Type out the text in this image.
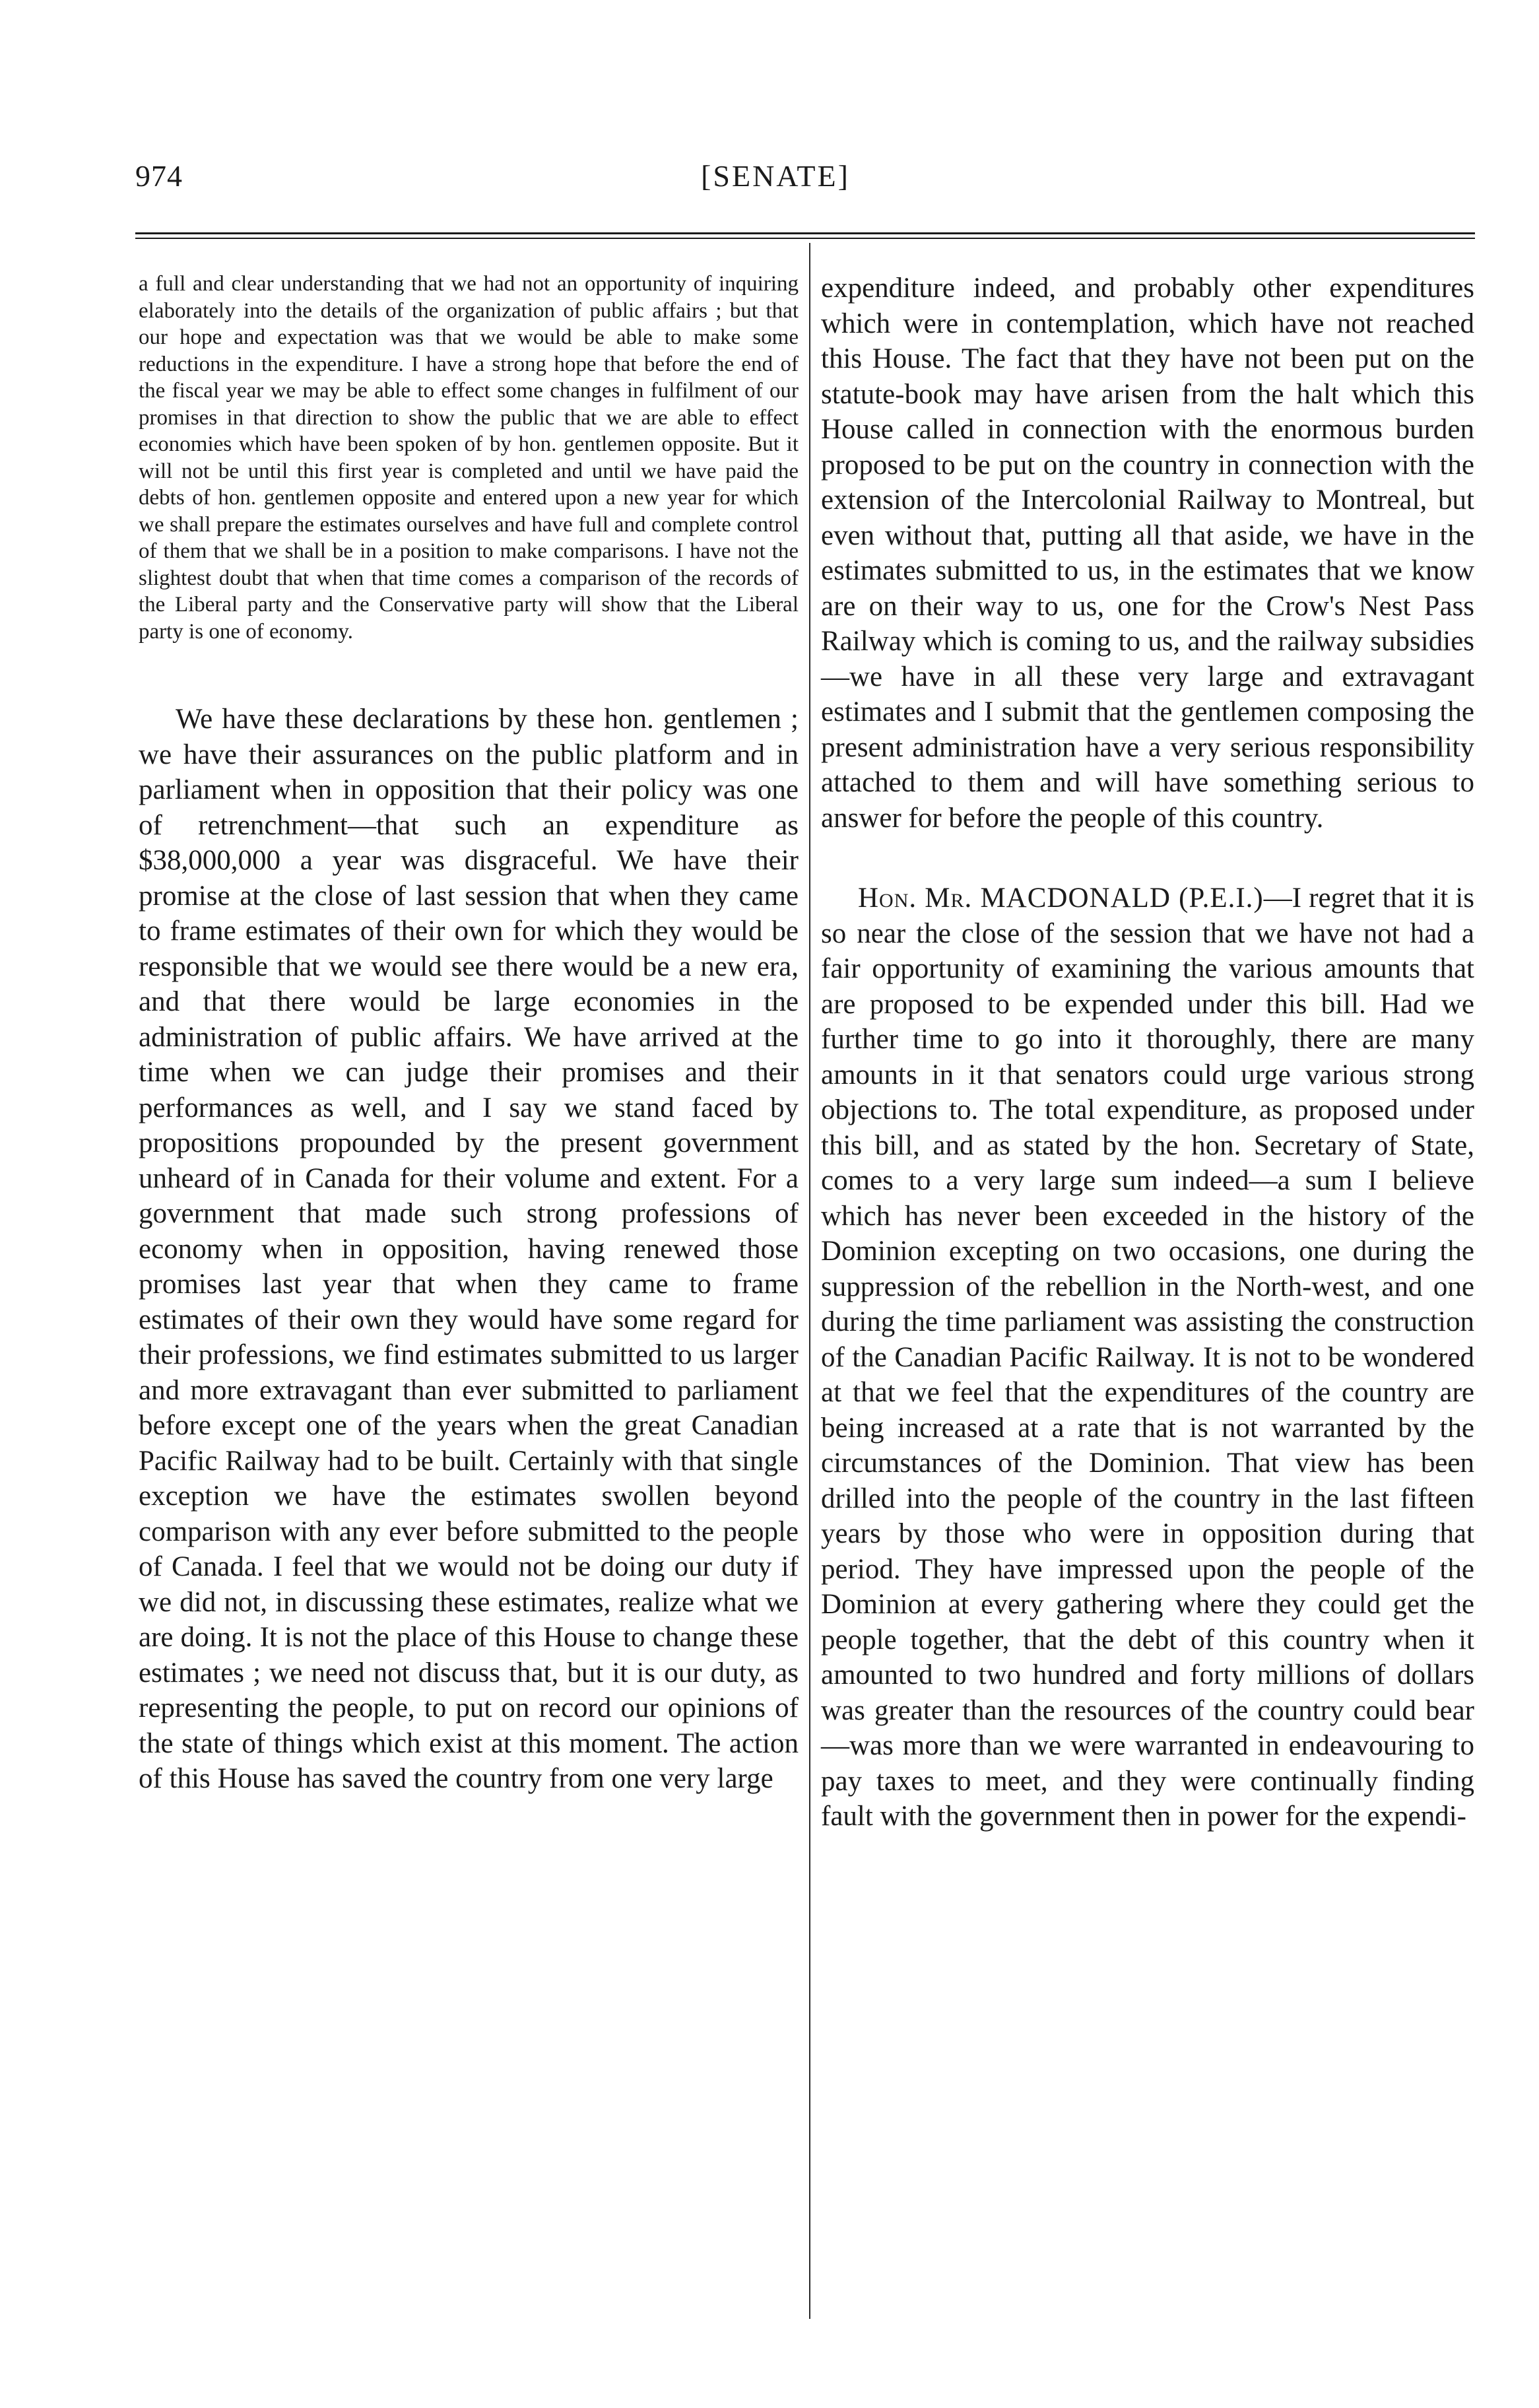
974	[SENATE]

a full and clear understanding that we had not an opportunity of inquiring elaborately into the details of the organization of public affairs ; but that our hope and expectation was that we would be able to make some reductions in the expenditure. I have a strong hope that before the end of the fiscal year we may be able to effect some changes in fulfilment of our promises in that direction to show the public that we are able to effect economies which have been spoken of by hon. gentlemen opposite. But it will not be until this first year is completed and until we have paid the debts of hon. gentlemen opposite and entered upon a new year for which we shall prepare the estimates ourselves and have full and complete control of them that we shall be in a position to make comparisons. I have not the slightest doubt that when that time comes a comparison of the records of the Liberal party and the Conservative party will show that the Liberal party is one of economy.

We have these declarations by these hon. gentlemen ; we have their assurances on the public platform and in parliament when in opposition that their policy was one of retrenchment—that such an expenditure as $38,000,000 a year was disgraceful. We have their promise at the close of last session that when they came to frame estimates of their own for which they would be responsible that we would see there would be a new era, and that there would be large economies in the administration of public affairs. We have arrived at the time when we can judge their promises and their performances as well, and I say we stand faced by propositions propounded by the present government unheard of in Canada for their volume and extent. For a government that made such strong professions of economy when in opposition, having renewed those promises last year that when they came to frame estimates of their own they would have some regard for their professions, we find estimates submitted to us larger and more extravagant than ever submitted to parliament before except one of the years when the great Canadian Pacific Railway had to be built. Certainly with that single exception we have the estimates swollen beyond comparison with any ever before submitted to the people of Canada. I feel that we would not be doing our duty if we did not, in discussing these estimates, realize what we are doing. It is not the place of this House to change these estimates ; we need not discuss that, but it is our duty, as representing the people, to put on record our opinions of the state of things which exist at this moment. The action of this House has saved the country from one very large

expenditure indeed, and probably other expenditures which were in contemplation, which have not reached this House. The fact that they have not been put on the statute-book may have arisen from the halt which this House called in connection with the enormous burden proposed to be put on the country in connection with the extension of the Intercolonial Railway to Montreal, but even without that, putting all that aside, we have in the estimates submitted to us, in the estimates that we know are on their way to us, one for the Crow's Nest Pass Railway which is coming to us, and the railway subsidies—we have in all these very large and extravagant estimates and I submit that the gentlemen composing the present administration have a very serious responsibility attached to them and will have something serious to answer for before the people of this country.

Hon. Mr. MACDONALD (P.E.I.)—I regret that it is so near the close of the session that we have not had a fair opportunity of examining the various amounts that are proposed to be expended under this bill. Had we further time to go into it thoroughly, there are many amounts in it that senators could urge various strong objections to. The total expenditure, as proposed under this bill, and as stated by the hon. Secretary of State, comes to a very large sum indeed—a sum I believe which has never been exceeded in the history of the Dominion excepting on two occasions, one during the suppression of the rebellion in the North-west, and one during the time parliament was assisting the construction of the Canadian Pacific Railway. It is not to be wondered at that we feel that the expenditures of the country are being increased at a rate that is not warranted by the circumstances of the Dominion. That view has been drilled into the people of the country in the last fifteen years by those who were in opposition during that period. They have impressed upon the people of the Dominion at every gathering where they could get the people together, that the debt of this country when it amounted to two hundred and forty millions of dollars was greater than the resources of the country could bear —was more than we were warranted in endeavouring to pay taxes to meet, and they were continually finding fault with the government then in power for the expendi-
